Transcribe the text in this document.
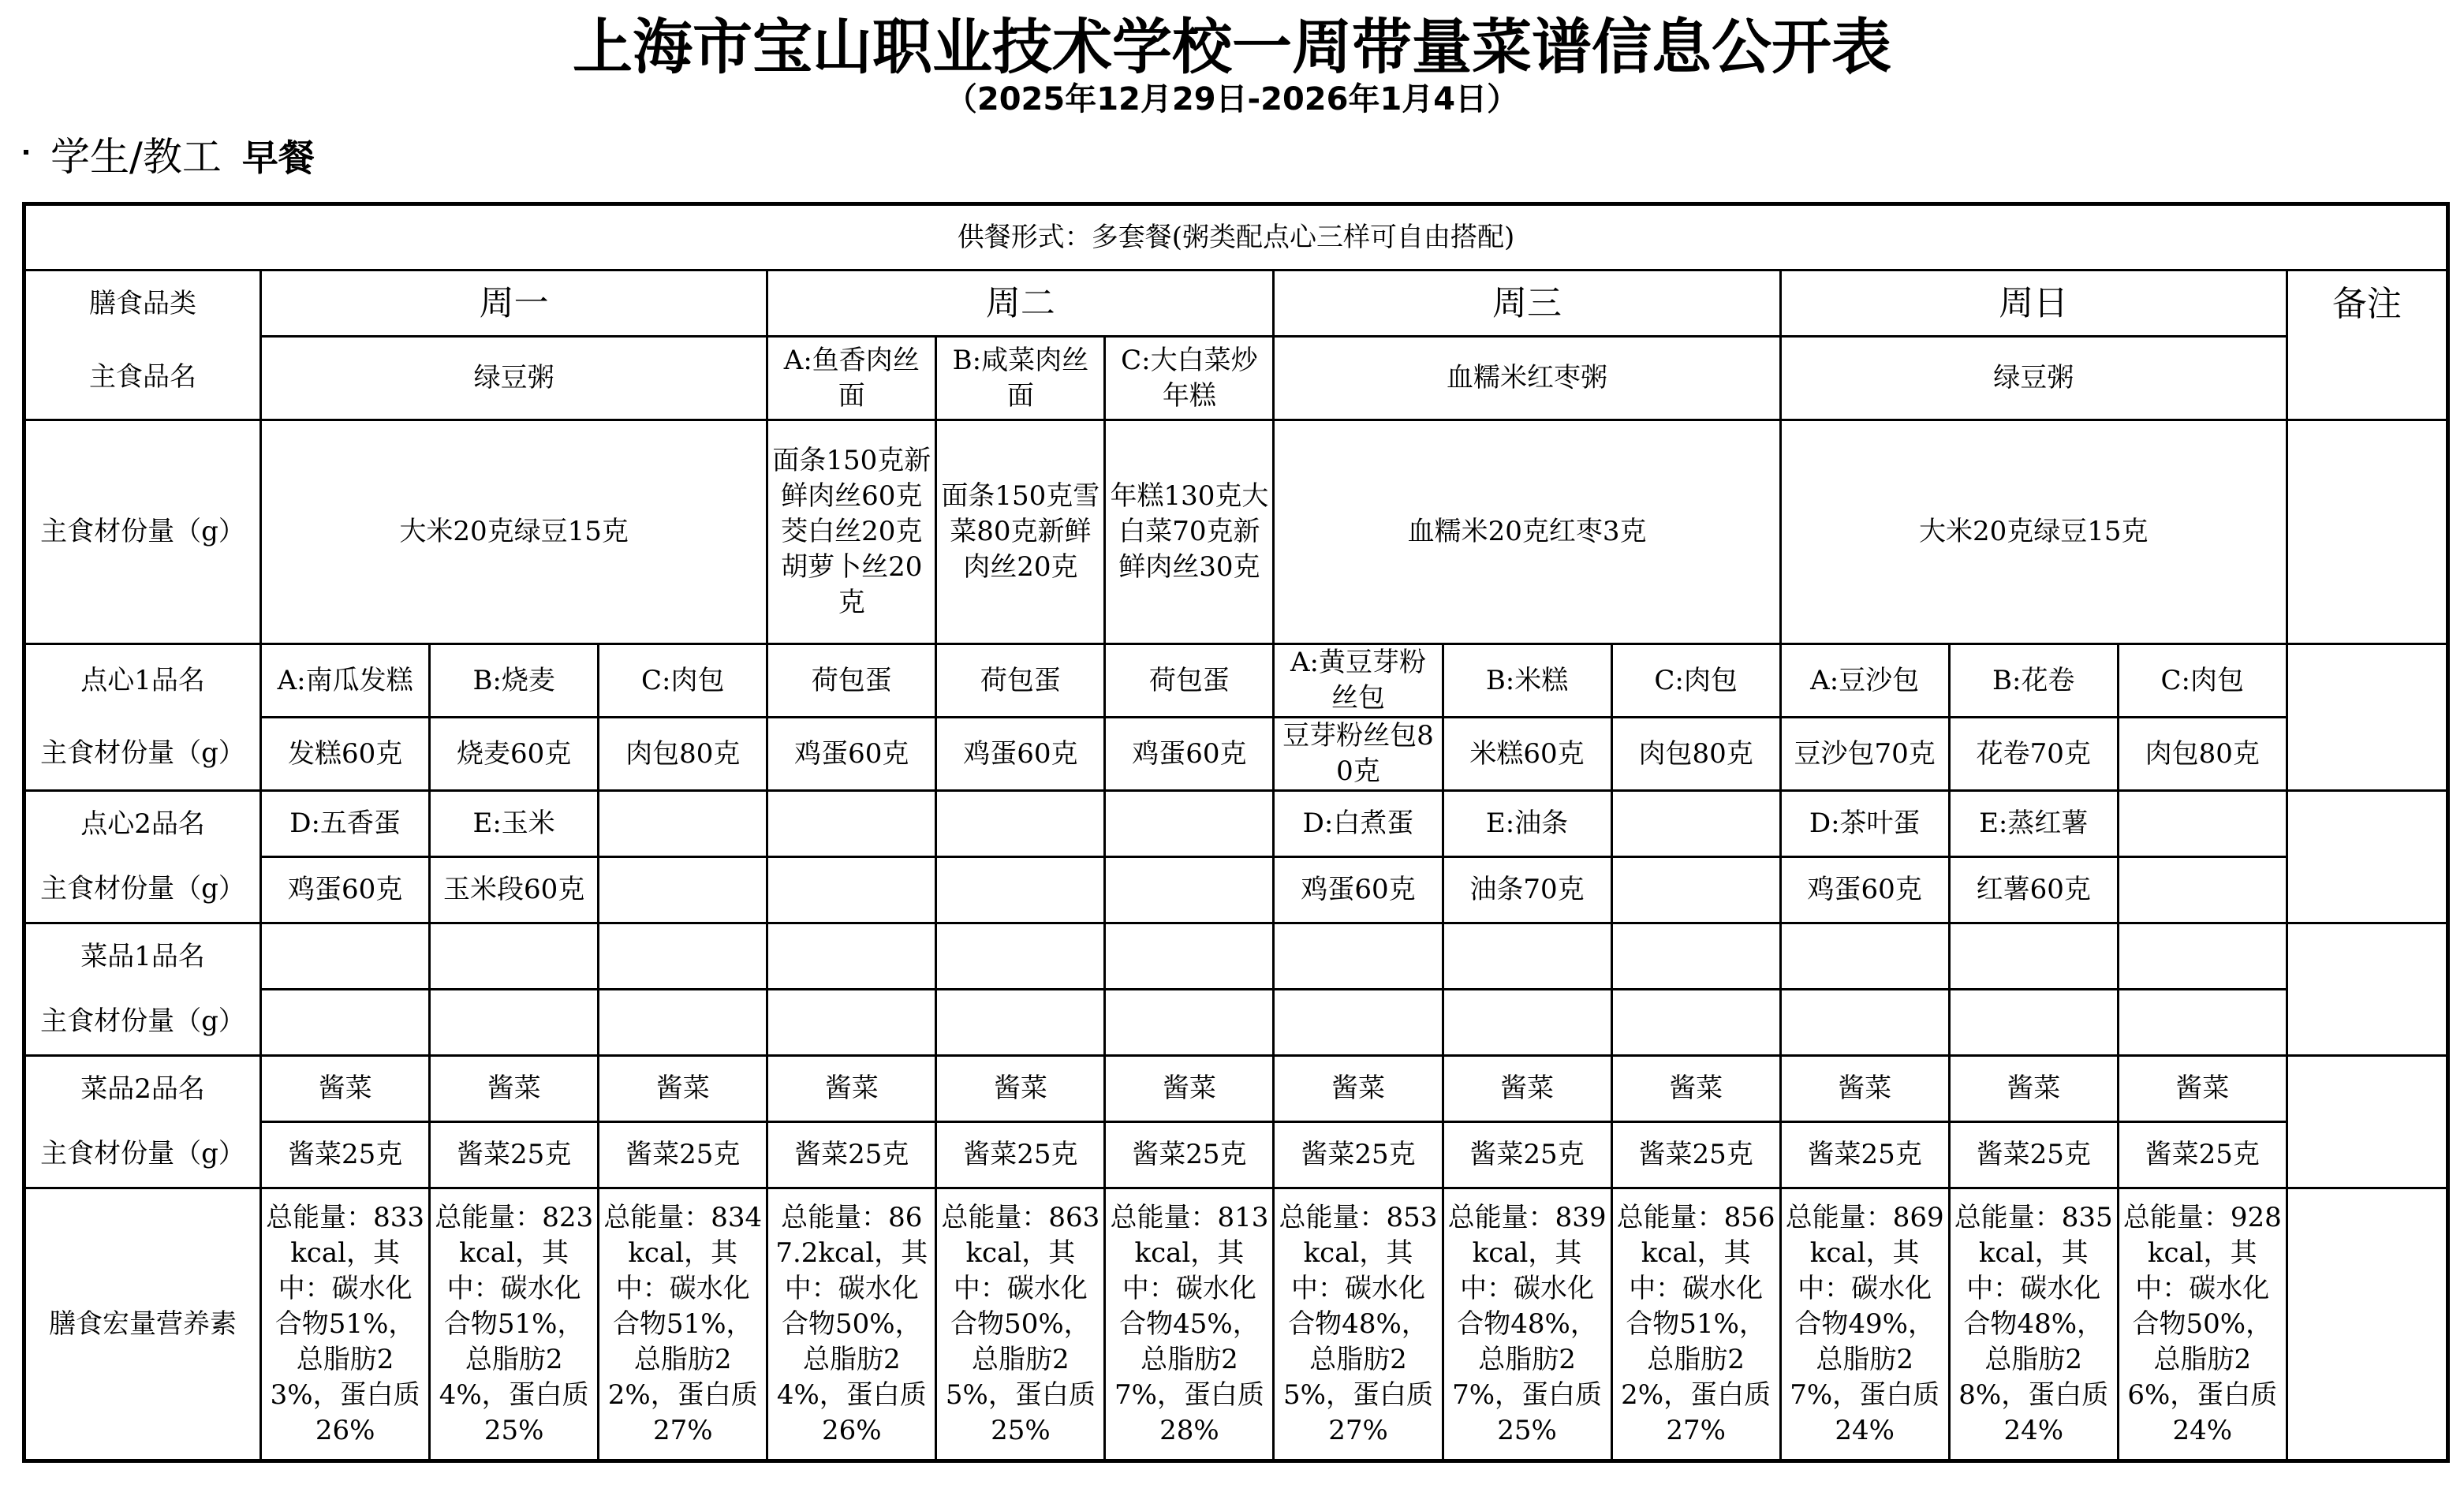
上海市宝山职业技术学校一周带量菜谱信息公开表
（2025年12月29日-2026年1月4日）
学生/教工 早餐
供餐形式：多套餐(粥类配点心三样可自由搭配)													
膳食品类	周一			周二			周三			周日			备注
主食品名	绿豆粥			A:鱼香肉丝面	B:咸菜肉丝面	C:大白菜炒年糕	血糯米红枣粥			绿豆粥			
主食材份量（g）	大米20克绿豆15克			面条150克新鲜肉丝60克茭白丝20克胡萝卜丝20克	面条150克雪菜80克新鲜肉丝20克	年糕130克大白菜70克新鲜肉丝30克	血糯米20克红枣3克			大米20克绿豆15克			
点心1品名	A:南瓜发糕	B:烧麦	C:肉包	荷包蛋	荷包蛋	荷包蛋	A:黄豆芽粉丝包	B:米糕	C:肉包	A:豆沙包	B:花卷	C:肉包	
主食材份量（g）	发糕60克	烧麦60克	肉包80克	鸡蛋60克	鸡蛋60克	鸡蛋60克	豆芽粉丝包80克	米糕60克	肉包80克	豆沙包70克	花卷70克	肉包80克	
点心2品名	D:五香蛋	E:玉米					D:白煮蛋	E:油条		D:茶叶蛋	E:蒸红薯		
主食材份量（g）	鸡蛋60克	玉米段60克					鸡蛋60克	油条70克		鸡蛋60克	红薯60克		
菜品1品名													
主食材份量（g）													
菜品2品名	酱菜	酱菜	酱菜	酱菜	酱菜	酱菜	酱菜	酱菜	酱菜	酱菜	酱菜	酱菜	
主食材份量（g）	酱菜25克	酱菜25克	酱菜25克	酱菜25克	酱菜25克	酱菜25克	酱菜25克	酱菜25克	酱菜25克	酱菜25克	酱菜25克	酱菜25克	
膳食宏量营养素	总能量：833kcal，其中：碳水化合物51%，总脂肪23%，蛋白质26%	总能量：823kcal，其中：碳水化合物51%，总脂肪24%，蛋白质25%	总能量：834kcal，其中：碳水化合物51%，总脂肪22%，蛋白质27%	总能量：867.2kcal，其中：碳水化合物50%，总脂肪24%，蛋白质26%	总能量：863kcal，其中：碳水化合物50%，总脂肪25%，蛋白质25%	总能量：813kcal，其中：碳水化合物45%，总脂肪27%，蛋白质28%	总能量：853kcal，其中：碳水化合物48%，总脂肪25%，蛋白质27%	总能量：839kcal，其中：碳水化合物48%，总脂肪27%，蛋白质25%	总能量：856kcal，其中：碳水化合物51%，总脂肪22%，蛋白质27%	总能量：869kcal，其中：碳水化合物49%，总脂肪27%，蛋白质24%	总能量：835kcal，其中：碳水化合物48%，总脂肪28%，蛋白质24%	总能量：928kcal，其中：碳水化合物50%，总脂肪26%，蛋白质24%	
